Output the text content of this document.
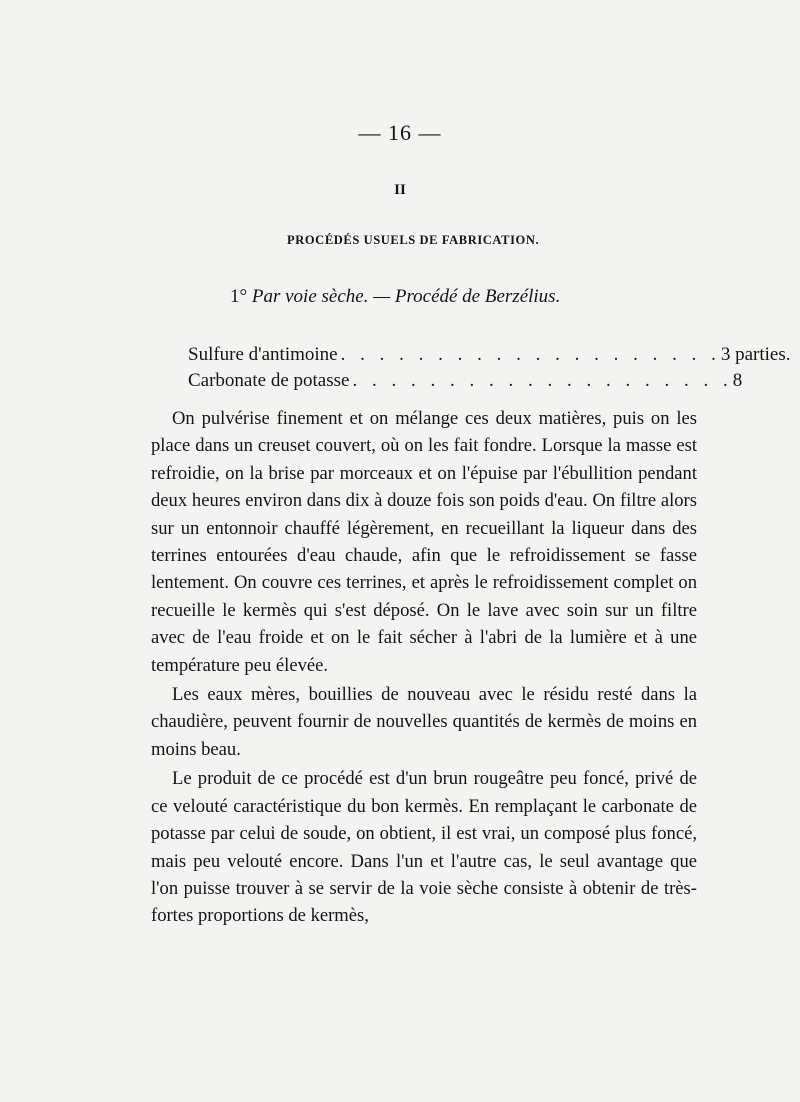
— 16 —
II
PROCÉDÉS USUELS DE FABRICATION.
1° Par voie sèche. — Procédé de Berzélius.
Sulfure d'antimoine . . . . . . . . . . . . . . . . . . . . 3 parties.
Carbonate de potasse . . . . . . . . . . . . . . . . . . . . 8

On pulvérise finement et on mélange ces deux matières, puis on les place dans un creuset couvert, où on les fait fondre. Lorsque la masse est refroidie, on la brise par morceaux et on l'épuise par l'ébullition pendant deux heures environ dans dix à douze fois son poids d'eau. On filtre alors sur un entonnoir chauffé légèrement, en recueillant la liqueur dans des terrines entourées d'eau chaude, afin que le refroidissement se fasse lentement. On couvre ces terrines, et après le refroidissement complet on recueille le kermès qui s'est déposé. On le lave avec soin sur un filtre avec de l'eau froide et on le fait sécher à l'abri de la lumière et à une température peu élevée.

Les eaux mères, bouillies de nouveau avec le résidu resté dans la chaudière, peuvent fournir de nouvelles quantités de kermès de moins en moins beau.

Le produit de ce procédé est d'un brun rougeâtre peu foncé, privé de ce velouté caractéristique du bon kermès. En remplaçant le carbonate de potasse par celui de soude, on obtient, il est vrai, un composé plus foncé, mais peu velouté encore. Dans l'un et l'autre cas, le seul avantage que l'on puisse trouver à se servir de la voie sèche consiste à obtenir de très-fortes proportions de kermès,
